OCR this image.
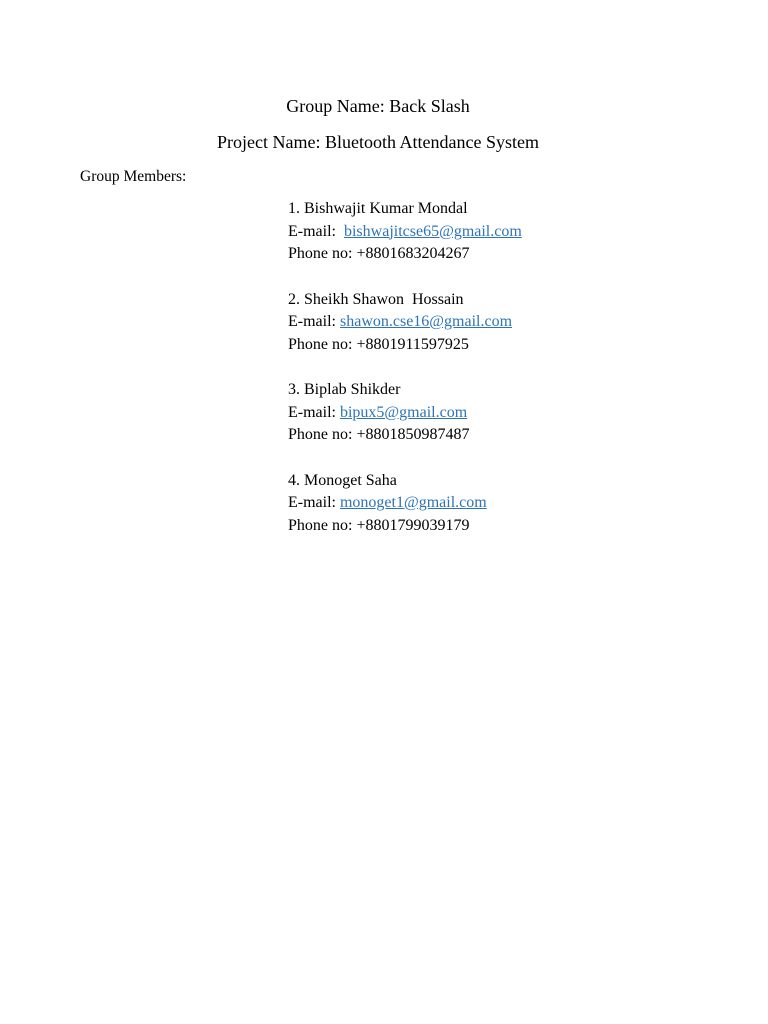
Group Name: Back Slash
Project Name: Bluetooth Attendance System
Group Members:
1. Bishwajit Kumar Mondal
E-mail:  bishwajitcse65@gmail.com
Phone no: +8801683204267
2. Sheikh Shawon  Hossain
E-mail: shawon.cse16@gmail.com
Phone no: +8801911597925
3. Biplab Shikder
E-mail: bipux5@gmail.com
Phone no: +8801850987487
4. Monoget Saha
E-mail: monoget1@gmail.com
Phone no: +8801799039179
